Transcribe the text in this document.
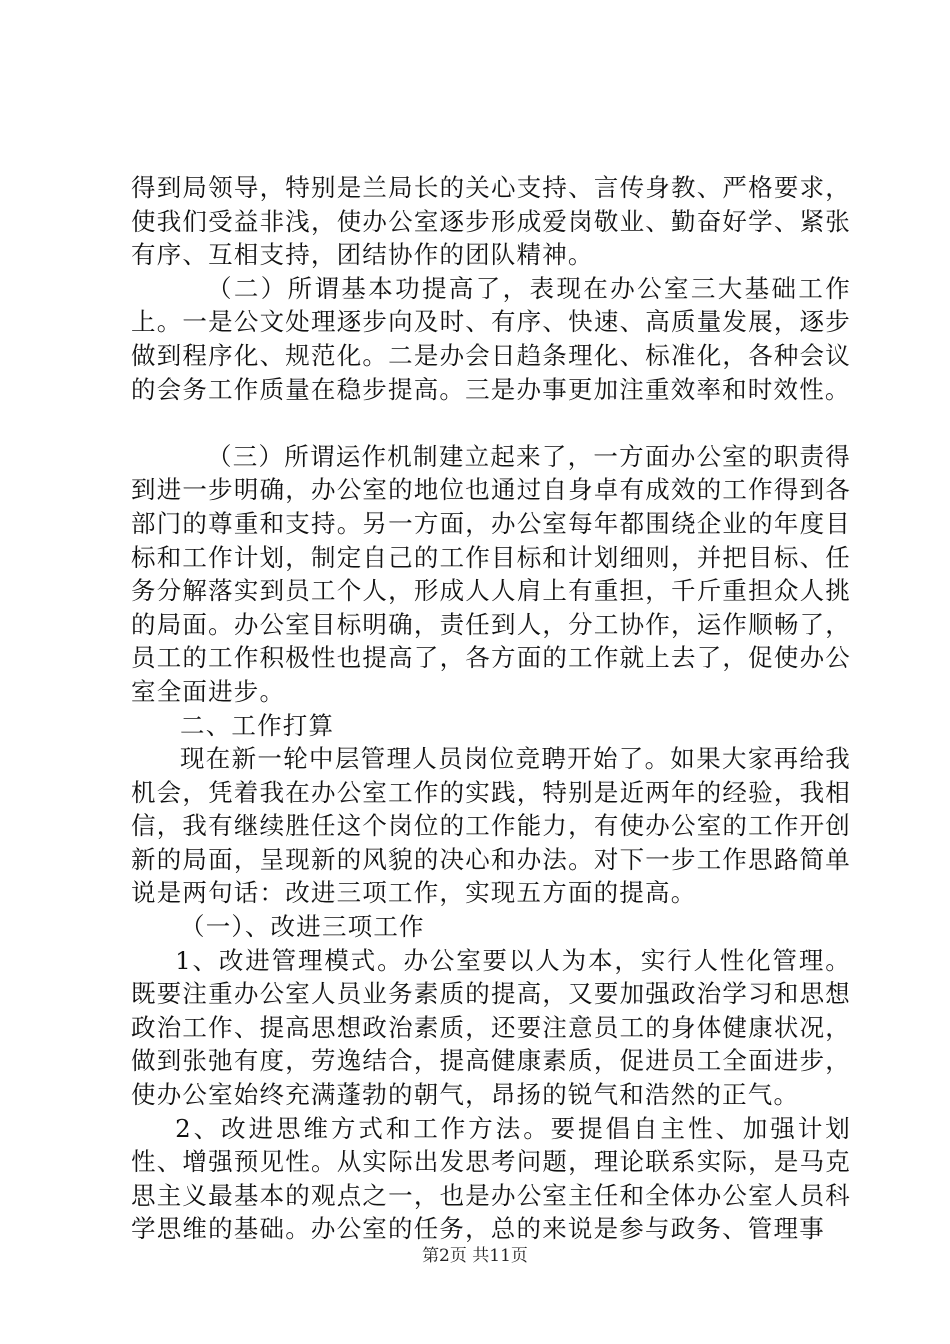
得到局领导，特别是兰局长的关心支持、言传身教、严格要求，使我们受益非浅，使办公室逐步形成爱岗敬业、勤奋好学、紧张有序、互相支持，团结协作的团队精神。

（二）所谓基本功提高了，表现在办公室三大基础工作上。一是公文处理逐步向及时、有序、快速、高质量发展，逐步做到程序化、规范化。二是办会日趋条理化、标准化，各种会议的会务工作质量在稳步提高。三是办事更加注重效率和时效性。

（三）所谓运作机制建立起来了，一方面办公室的职责得到进一步明确，办公室的地位也通过自身卓有成效的工作得到各部门的尊重和支持。另一方面，办公室每年都围绕企业的年度目标和工作计划，制定自己的工作目标和计划细则，并把目标、任务分解落实到员工个人，形成人人肩上有重担，千斤重担众人挑的局面。办公室目标明确，责任到人，分工协作，运作顺畅了，员工的工作积极性也提高了，各方面的工作就上去了，促使办公室全面进步。

二、工作打算

现在新一轮中层管理人员岗位竞聘开始了。如果大家再给我机会，凭着我在办公室工作的实践，特别是近两年的经验，我相信，我有继续胜任这个岗位的工作能力，有使办公室的工作开创新的局面，呈现新的风貌的决心和办法。对下一步工作思路简单说是两句话：改进三项工作，实现五方面的提高。

（一）、改进三项工作

1、改进管理模式。办公室要以人为本，实行人性化管理。既要注重办公室人员业务素质的提高，又要加强政治学习和思想政治工作、提高思想政治素质，还要注意员工的身体健康状况，做到张弛有度，劳逸结合，提高健康素质，促进员工全面进步，使办公室始终充满蓬勃的朝气，昂扬的锐气和浩然的正气。

2、改进思维方式和工作方法。要提倡自主性、加强计划性、增强预见性。从实际出发思考问题，理论联系实际，是马克思主义最基本的观点之一，也是办公室主任和全体办公室人员科学思维的基础。办公室的任务，总的来说是参与政务、管理事

第2页 共11页
